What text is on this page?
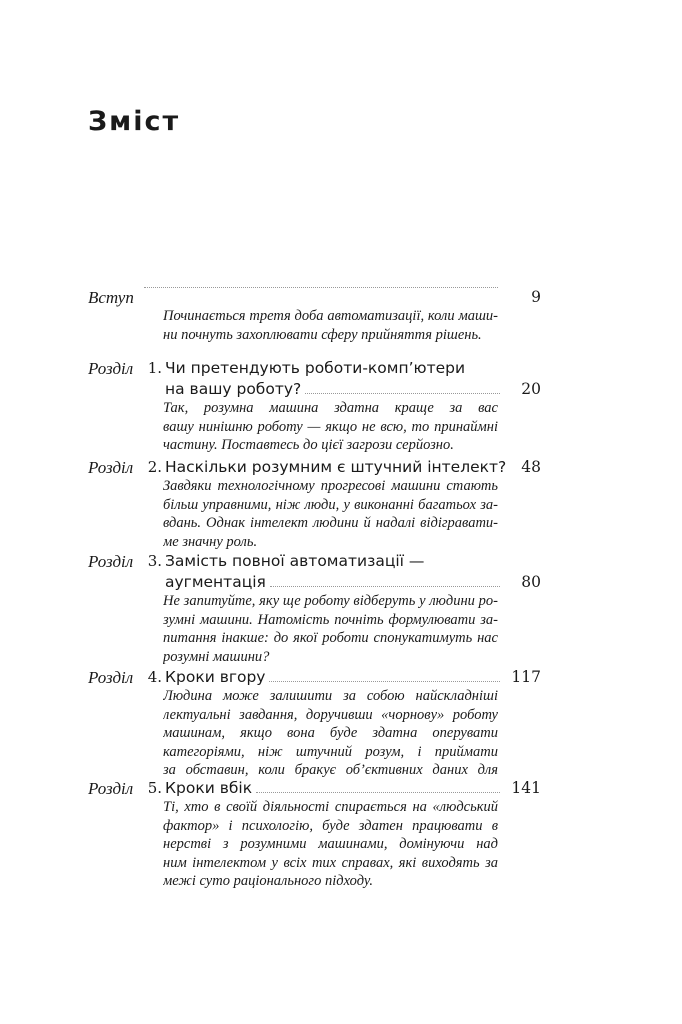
Зміст
Вступ	9
Починається третя доба автоматизації, коли маши-
ни почнуть захоплювати сферу прийняття рішень.
Розділ 1. Чи претендують роботи-комп’ютери
на вашу роботу?	20
Так, розумна машина здатна краще за вас
вашу нинішню роботу — якщо не всю, то принаймні
частину. Поставтесь до цієї загрози серйозно.
Розділ 2. Наскільки розумним є штучний інтелект? 48
Завдяки технологічному прогресові машини стають
більш управними, ніж люди, у виконанні багатьох за-
вдань. Однак інтелект людини й надалі відігравати-
ме значну роль.
Розділ 3. Замість повної автоматизації —
аугментація	80
Не запитуйте, яку ще роботу відберуть у людини ро-
зумні машини. Натомість почніть формулювати за-
питання інакше: до якої роботи спонукатимуть нас
розумні машини?
Розділ 4. Кроки вгору	117
Людина може залишити за собою найскладніші
лектуальні завдання, доручивши «чорнову» роботу
машинам, якщо вона буде здатна оперувати
категоріями, ніж штучний розум, і приймати
за обставин, коли бракує об’єктивних даних для
Розділ 5. Кроки вбік	141
Ті, хто в своїй діяльності спирається на «людський
фактор» і психологію, буде здатен працювати в
нерстві з розумними машинами, домінуючи над
ним інтелектом у всіх тих справах, які виходять за
межі суто раціонального підходу.
